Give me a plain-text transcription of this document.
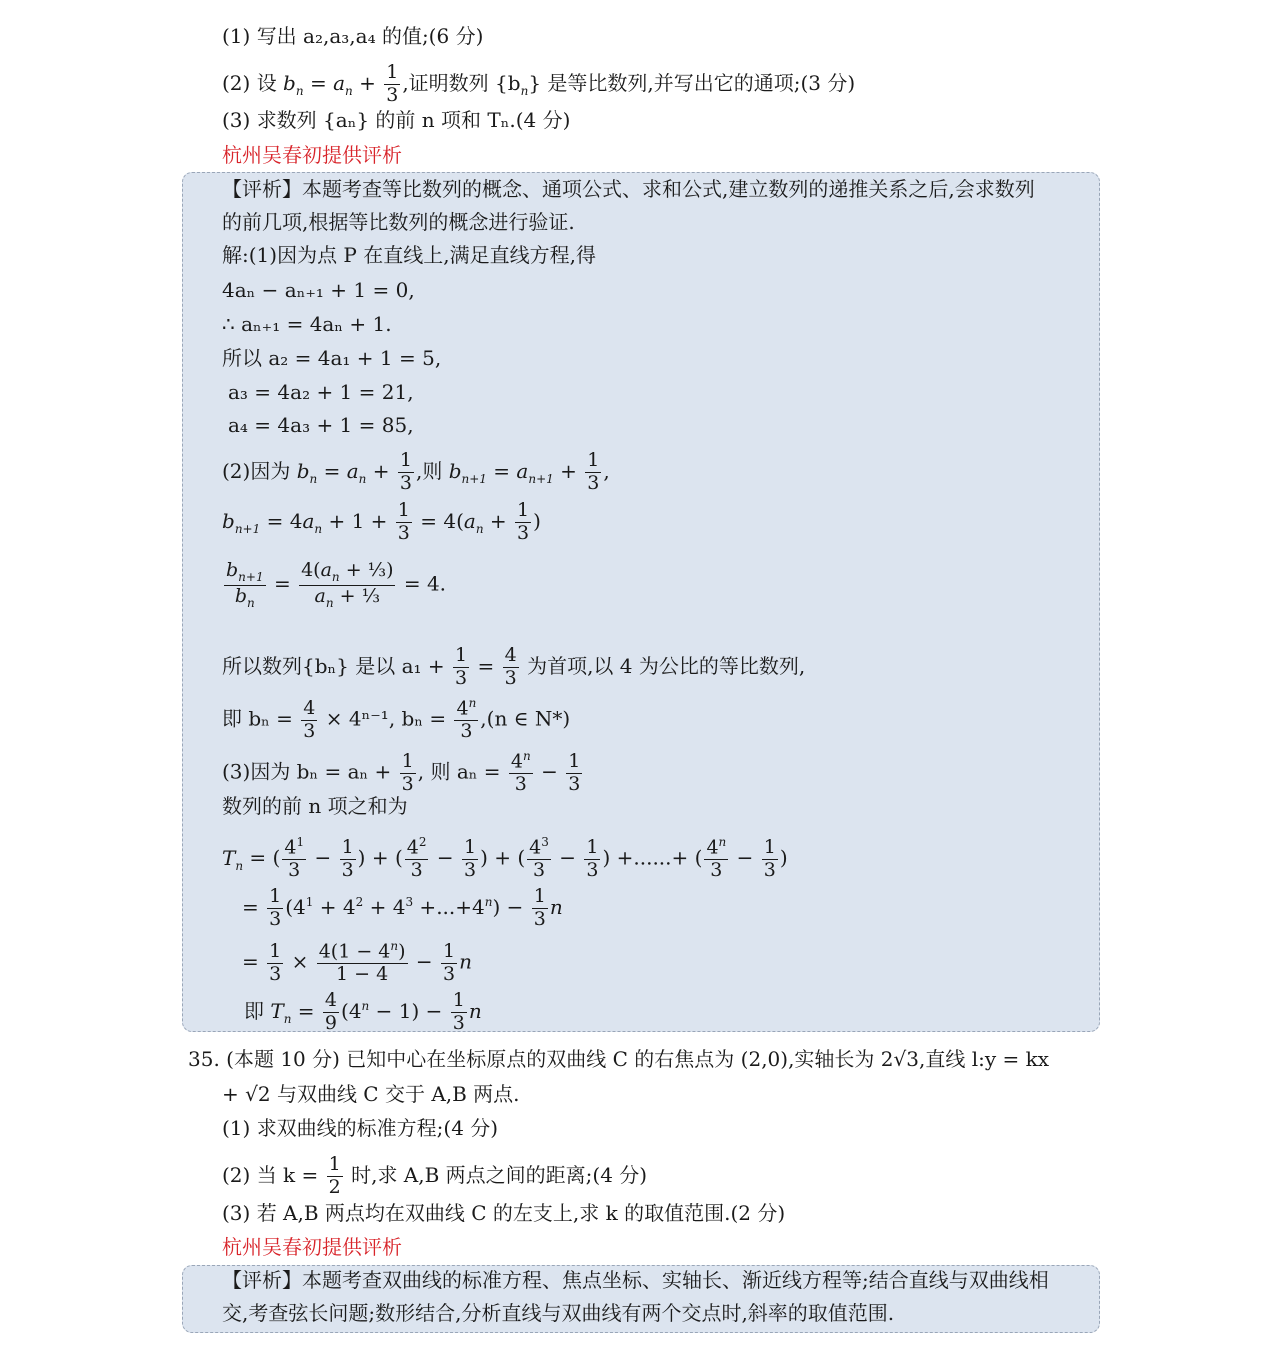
(1) 写出 a₂,a₃,a₄ 的值;(6 分)
(2) 设 $b_n = a_n + \frac{1}{3}$ ,证明数列 $\{b_n\}$ 是等比数列,并写出它的通项;(3 分)
(3) 求数列 {aₙ} 的前 n 项和 Tₙ.(4 分)
杭州吴春初提供评析
【评析】本题考查等比数列的概念、通项公式、求和公式,建立数列的递推关系之后,会求数列
的前几项,根据等比数列的概念进行验证.
解:(1)因为点 P 在直线上,满足直线方程,得
4aₙ − aₙ₊₁ + 1 = 0,
∴ aₙ₊₁ = 4aₙ + 1.
所以 a₂ = 4a₁ + 1 = 5,
a₃ = 4a₂ + 1 = 21,
a₄ = 4a₃ + 1 = 85,
(2)因为 $b_n = a_n + \frac{1}{3}$ ,则 $b_{n+1} = a_{n+1} + \frac{1}{3}$ ,
$b_{n+1} = 4a_n + 1 + \frac{1}{3} = 4(a_n + \frac{1}{3}$ )
$\frac{b_{n+1}}{b_n} = \frac{4(a_n + \frac{1}{3})}{a_n + \frac{1}{3}} = 4$.
所以数列{bₙ} 是以 $a_1 + \frac{1}{3} = \frac{4}{3}$ 为首项,以 4 为公比的等比数列,
即 $b_n = \frac{4}{3} \times 4^{n-1}$, $b_n = \frac{4^n}{3} ,(n$ ∈ N*)
(3)因为 $b_n = a_n + \frac{1}{3}$ , 则 $a_n = \frac{4^n}{3} - \frac{1}{3}$
数列的前 n 项之和为
$T_n$ = ( $\frac{4^1}{3} - \frac{1}{3}$ ) + ( $\frac{4^2}{3} - \frac{1}{3}$ ) + ( $\frac{4^3}{3} - \frac{1}{3}$ ) +......+ ( $\frac{4^n}{3} - \frac{1}{3}$ )
= $\frac{1}{3} (4^1 + 4^2 + 4^3 +...+4^n) - \frac{1}{3}$ n
= $\frac{1}{3} \times \frac{4(1 - 4^n)}{1 - 4} - \frac{1}{3}$ n
即 $T_n = \frac{4}{9} (4^n - 1) - \frac{1}{3}$ n
35. (本题 10 分) 已知中心在坐标原点的双曲线 C 的右焦点为 (2,0),实轴长为 2√3,直线 l:y = kx
+ √2 与双曲线 C 交于 A,B 两点.
(1) 求双曲线的标准方程;(4 分)
(2) 当 $k = \frac{1}{2}$ 时,求 A,B 两点之间的距离;(4 分)
(3) 若 A,B 两点均在双曲线 C 的左支上,求 k 的取值范围.(2 分)
杭州吴春初提供评析
【评析】本题考查双曲线的标准方程、焦点坐标、实轴长、渐近线方程等;结合直线与双曲线相
交,考查弦长问题;数形结合,分析直线与双曲线有两个交点时,斜率的取值范围.
